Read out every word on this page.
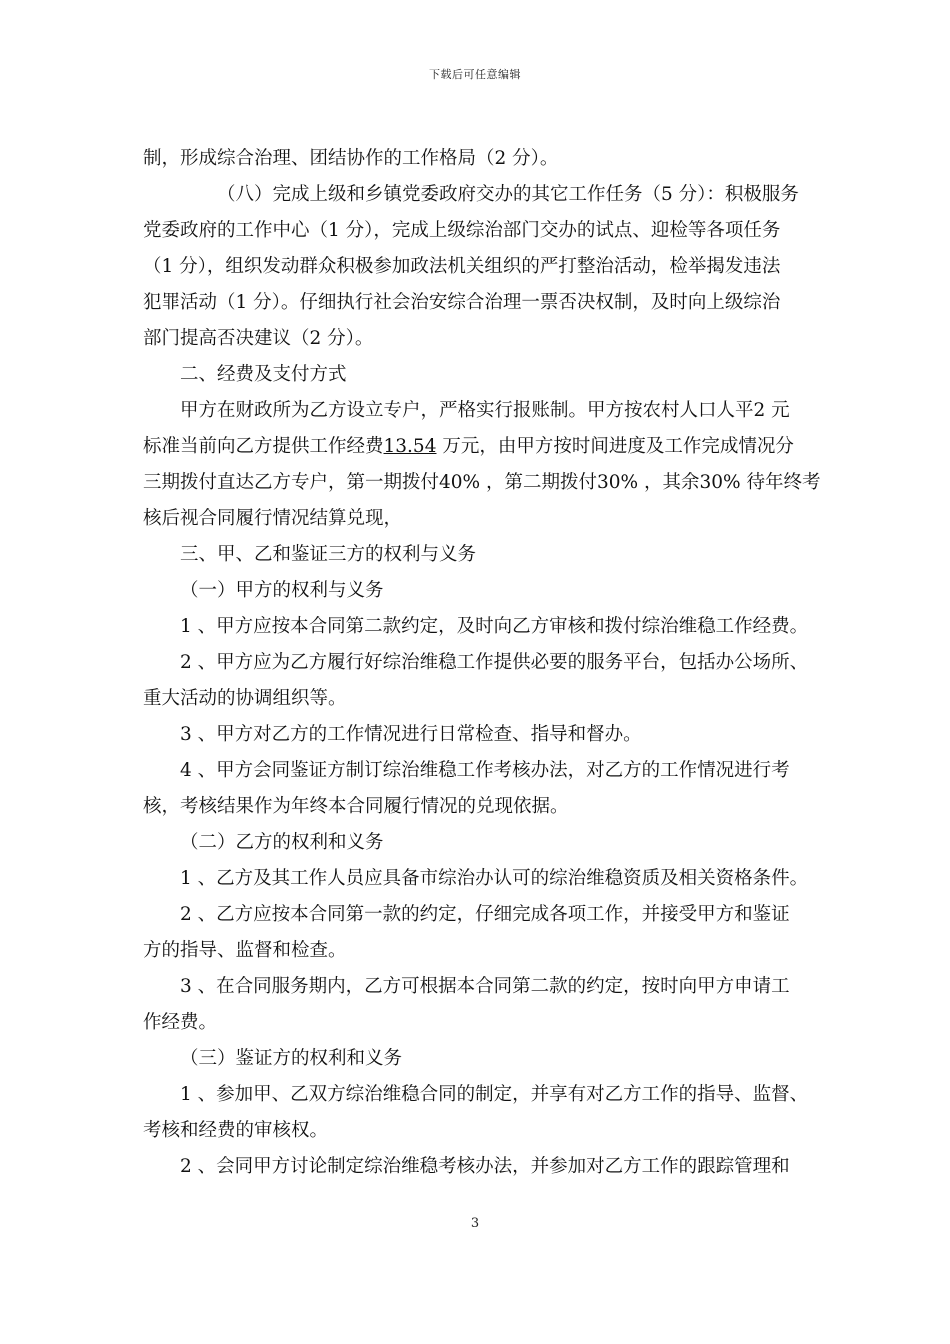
下载后可任意编辑
制，形成综合治理、团结协作的工作格局（2 分）。
（八）完成上级和乡镇党委政府交办的其它工作任务（5 分）：积极服务
党委政府的工作中心（1 分），完成上级综治部门交办的试点、迎检等各项任务
（1 分），组织发动群众积极参加政法机关组织的严打整治活动，检举揭发违法
犯罪活动（1 分）。仔细执行社会治安综合治理一票否决权制，及时向上级综治
部门提高否决建议（2 分）。
二、经费及支付方式
甲方在财政所为乙方设立专户，严格实行报账制。甲方按农村人口人平2 元
标准当前向乙方提供工作经费13.54 万元，由甲方按时间进度及工作完成情况分
三期拨付直达乙方专户，第一期拨付40% ，第二期拨付30% ，其余30% 待年终考
核后视合同履行情况结算兑现，
三、甲、乙和鉴证三方的权利与义务
（一）甲方的权利与义务
1 、甲方应按本合同第二款约定，及时向乙方审核和拨付综治维稳工作经费。
2 、甲方应为乙方履行好综治维稳工作提供必要的服务平台，包括办公场所、
重大活动的协调组织等。
3 、甲方对乙方的工作情况进行日常检查、指导和督办。
4 、甲方会同鉴证方制订综治维稳工作考核办法，对乙方的工作情况进行考
核，考核结果作为年终本合同履行情况的兑现依据。
（二）乙方的权利和义务
1 、乙方及其工作人员应具备市综治办认可的综治维稳资质及相关资格条件。
2 、乙方应按本合同第一款的约定，仔细完成各项工作，并接受甲方和鉴证
方的指导、监督和检查。
3 、在合同服务期内，乙方可根据本合同第二款的约定，按时向甲方申请工
作经费。
（三）鉴证方的权利和义务
1 、参加甲、乙双方综治维稳合同的制定，并享有对乙方工作的指导、监督、
考核和经费的审核权。
2 、会同甲方讨论制定综治维稳考核办法，并参加对乙方工作的跟踪管理和
3
